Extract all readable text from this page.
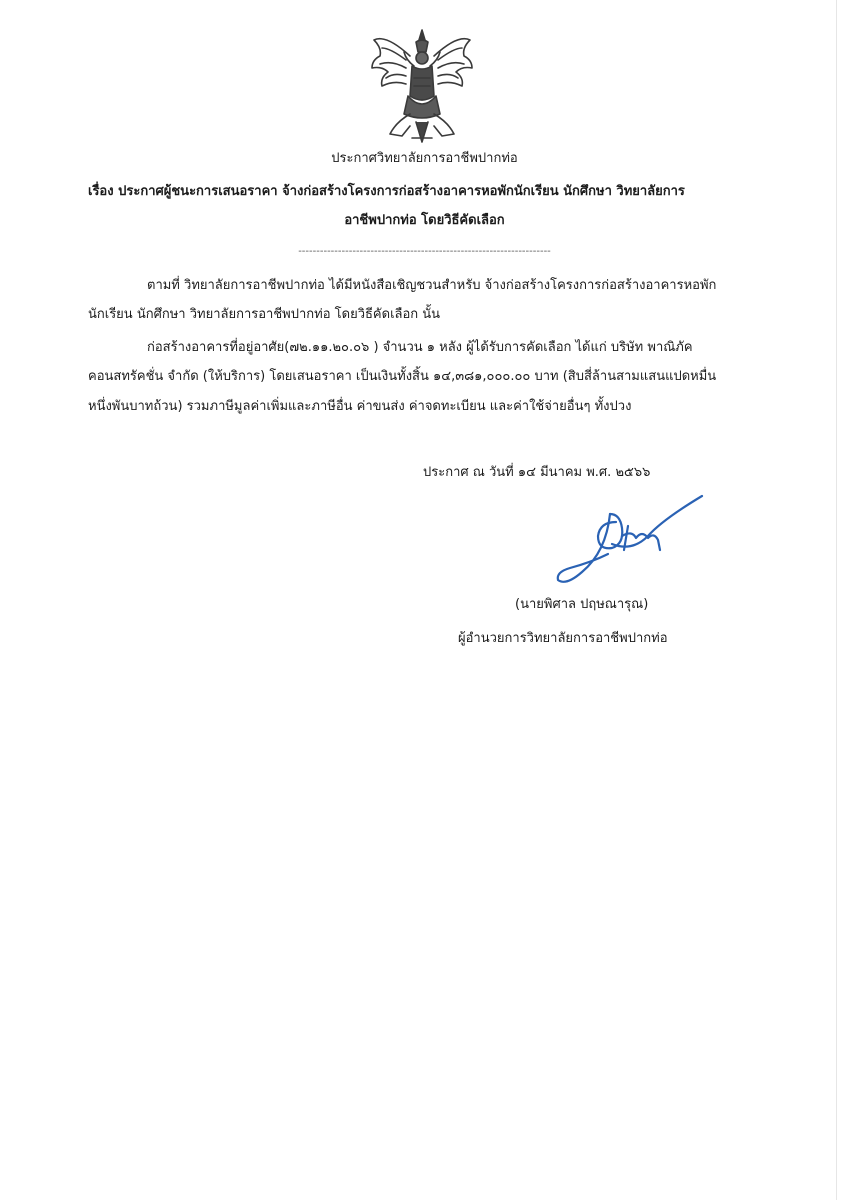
ประกาศวิทยาลัยการอาชีพปากท่อ
เรื่อง ประกาศผู้ชนะการเสนอราคา จ้างก่อสร้างโครงการก่อสร้างอาคารหอพักนักเรียน นักศึกษา วิทยาลัยการ
อาชีพปากท่อ โดยวิธีคัดเลือก
----------------------------------------------------------------------
ตามที่ วิทยาลัยการอาชีพปากท่อ ได้มีหนังสือเชิญชวนสำหรับ จ้างก่อสร้างโครงการก่อสร้างอาคารหอพัก
นักเรียน นักศึกษา วิทยาลัยการอาชีพปากท่อ โดยวิธีคัดเลือก นั้น
ก่อสร้างอาคารที่อยู่อาศัย(๗๒.๑๑.๒๐.๐๖ ) จำนวน ๑ หลัง ผู้ได้รับการคัดเลือก ได้แก่ บริษัท พาณิภัค
คอนสทรัคชั่น จำกัด (ให้บริการ) โดยเสนอราคา เป็นเงินทั้งสิ้น ๑๔,๓๘๑,๐๐๐.๐๐ บาท (สิบสี่ล้านสามแสนแปดหมื่น
หนึ่งพันบาทถ้วน) รวมภาษีมูลค่าเพิ่มและภาษีอื่น ค่าขนส่ง ค่าจดทะเบียน และค่าใช้จ่ายอื่นๆ ทั้งปวง
ประกาศ ณ วันที่ ๑๔ มีนาคม พ.ศ. ๒๕๖๖
(นายพิศาล ปฤษณารุณ)
ผู้อำนวยการวิทยาลัยการอาชีพปากท่อ
